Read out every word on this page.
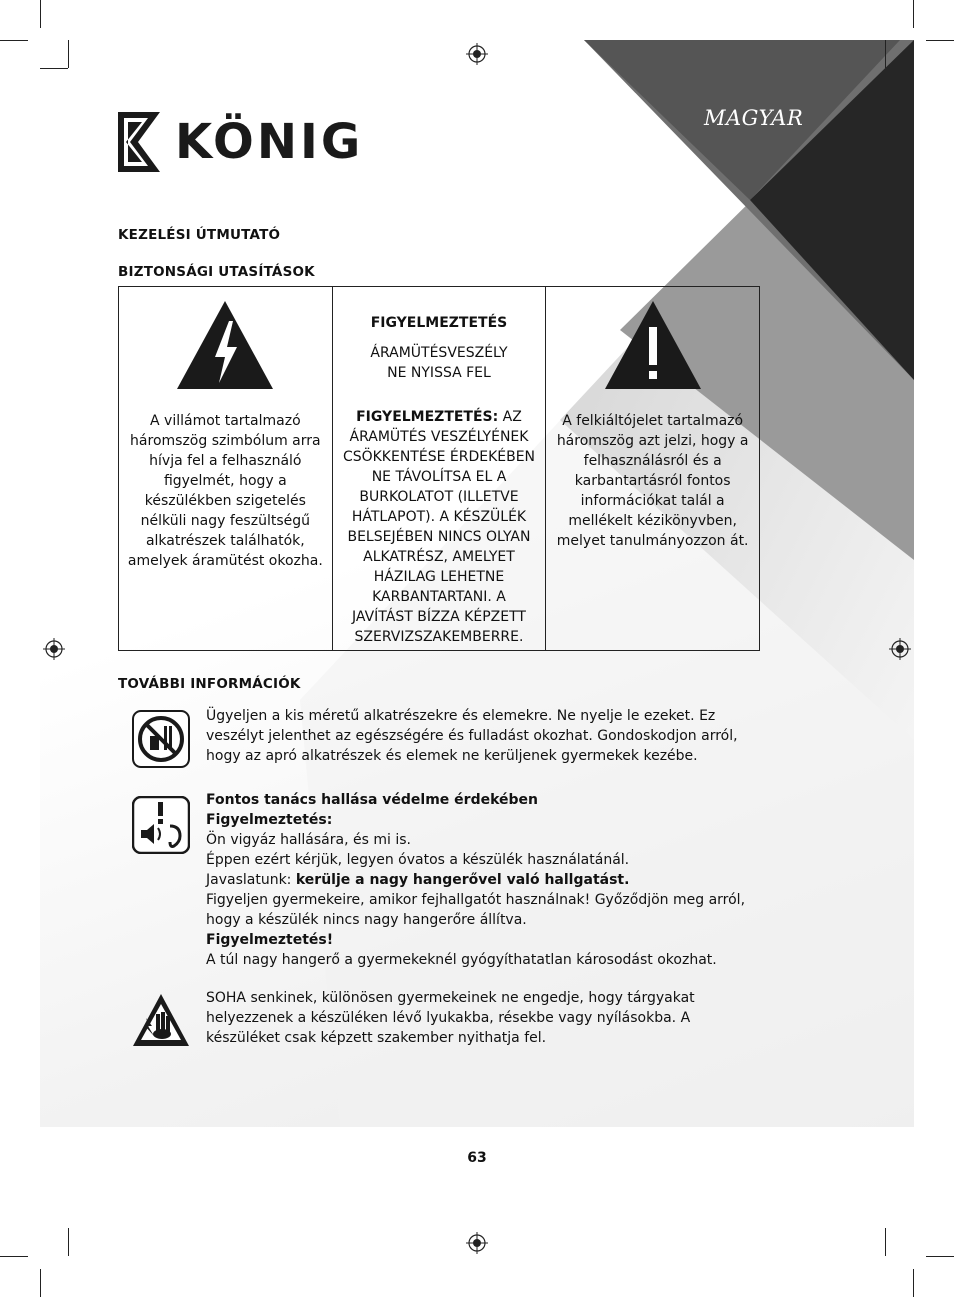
KÖNIG	MAGYAR
KEZELÉSI ÚTMUTATÓ
BIZTONSÁGI UTASÍTÁSOK
A villámot tartalmazó háromszög szimbólum arra hívja fel a felhasználó figyelmét, hogy a készülékben szigetelés nélküli nagy feszültségű alkatrészek találhatók, amelyek áramütést okozha.

FIGYELMEZTETÉS
ÁRAMÜTÉSVESZÉLY
NE NYISSA FEL
FIGYELMEZTETÉS: AZ ÁRAMÜTÉS VESZÉLYÉNEK CSÖKKENTÉSE ÉRDEKÉBEN NE TÁVOLÍTSA EL A BURKOLATOT (ILLETVE HÁTLAPOT). A KÉSZÜLÉK BELSEJÉBEN NINCS OLYAN ALKATRÉSZ, AMELYET HÁZILAG LEHETNE KARBANTARTANI. A JAVÍTÁST BÍZZA KÉPZETT SZERVIZSZAKEMBERRE.

A felkiáltójelet tartalmazó háromszög azt jelzi, hogy a felhasználásról és a karbantartásról fontos információkat talál a mellékelt kézikönyvben, melyet tanulmányozzon át.
TOVÁBBI INFORMÁCIÓK
Ügyeljen a kis méretű alkatrészekre és elemekre. Ne nyelje le ezeket. Ez veszélyt jelenthet az egészségére és fulladást okozhat. Gondoskodjon arról, hogy az apró alkatrészek és elemek ne kerüljenek gyermekek kezébe.
Fontos tanács hallása védelme érdekében
Figyelmeztetés:
Ön vigyáz hallására, és mi is.
Éppen ezért kérjük, legyen óvatos a készülék használatánál.
Javaslatunk: kerülje a nagy hangerővel való hallgatást.
Figyeljen gyermekeire, amikor fejhallgatót használnak! Győződjön meg arról, hogy a készülék nincs nagy hangerőre állítva.
Figyelmeztetés!
A túl nagy hangerő a gyermekeknél gyógyíthatatlan károsodást okozhat.
SOHA senkinek, különösen gyermekeinek ne engedje, hogy tárgyakat helyezzenek a készüléken lévő lyukakba, résekbe vagy nyílásokba. A készüléket csak képzett szakember nyithatja fel.
63
